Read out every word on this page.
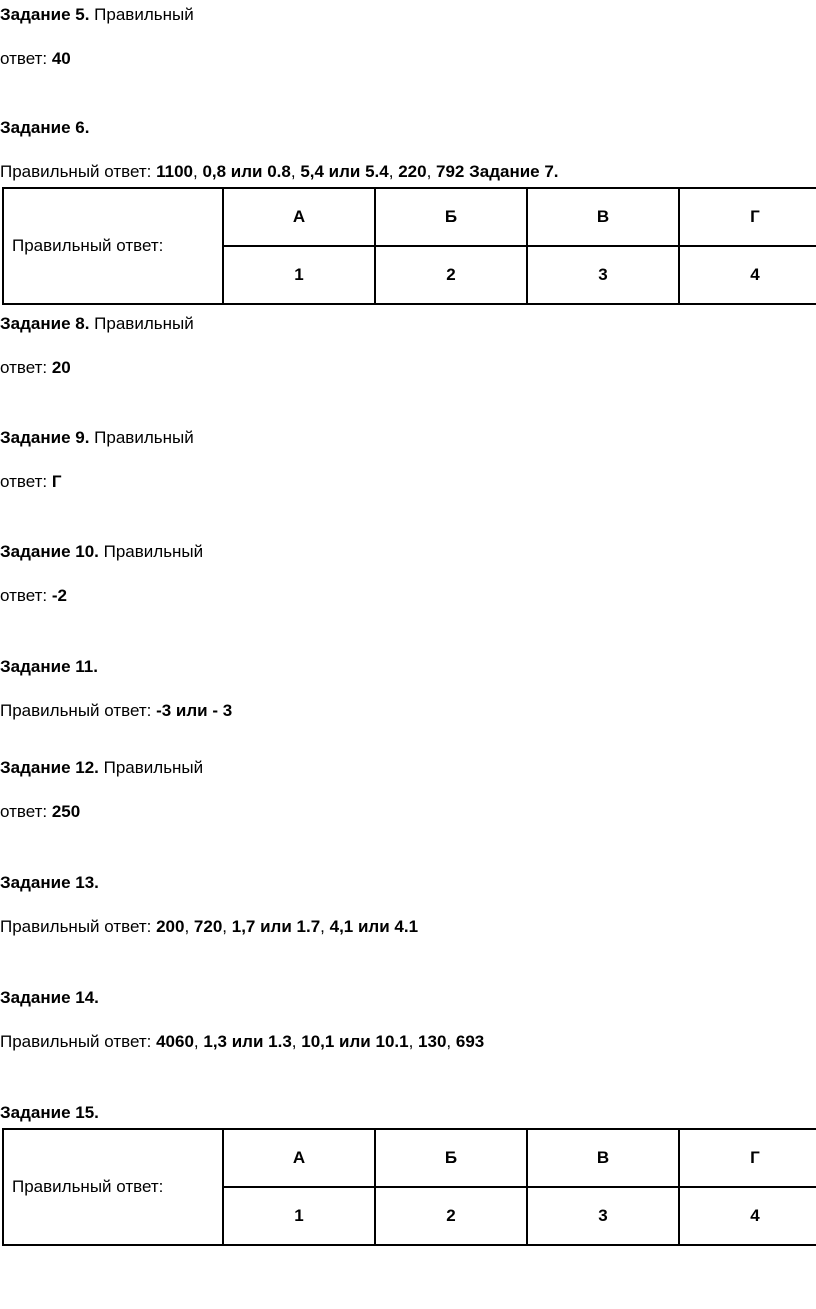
Задание 5. Правильный
ответ: 40
Задание 6.
Правильный ответ: 1100, 0,8 или 0.8, 5,4 или 5.4, 220, 792 Задание 7.
Правильный ответ:	А	Б	В	Г
	1	2	3	4
Задание 8. Правильный
ответ: 20
Задание 9. Правильный
ответ: Г
Задание 10. Правильный
ответ: -2
Задание 11.
Правильный ответ: -3 или - 3
Задание 12. Правильный
ответ: 250
Задание 13.
Правильный ответ: 200, 720, 1,7 или 1.7, 4,1 или 4.1
Задание 14.
Правильный ответ: 4060, 1,3 или 1.3, 10,1 или 10.1, 130, 693
Задание 15.
Правильный ответ:	А	Б	В	Г
	1	2	3	4
